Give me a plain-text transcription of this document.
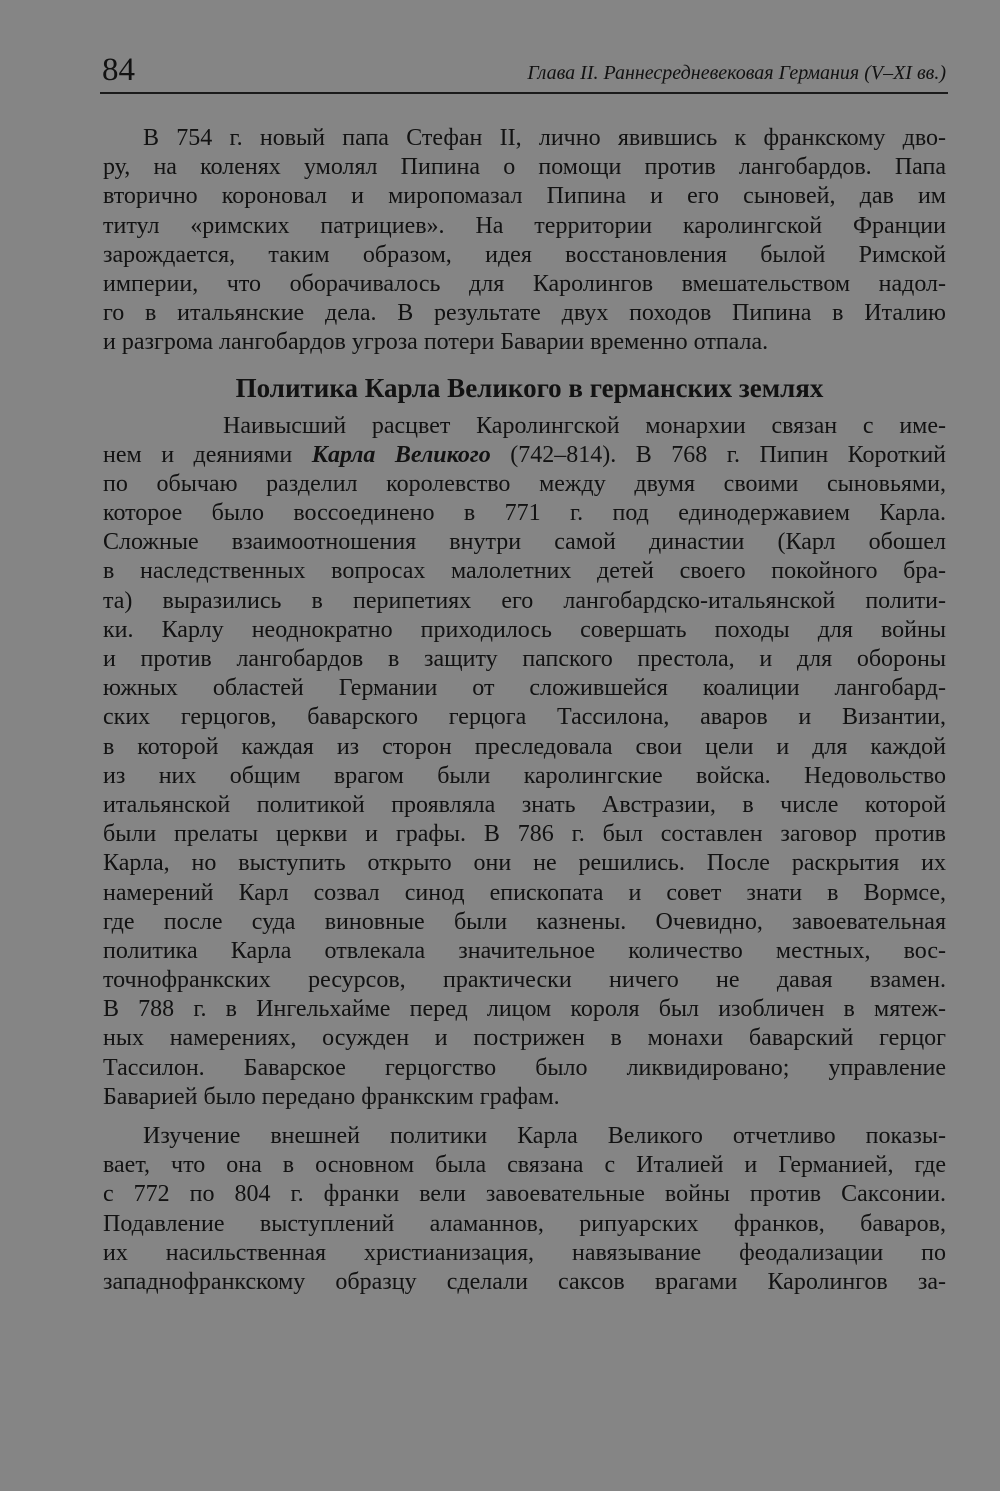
84	Глава II. Раннесредневековая Германия (V–XI вв.)
В 754 г. новый папа Стефан II, лично явившись к франкскому дво-
ру, на коленях умолял Пипина о помощи против лангобардов. Папа
вторично короновал и миропомазал Пипина и его сыновей, дав им
титул «римских патрициев». На территории каролингской Франции
зарождается, таким образом, идея восстановления былой Римской
империи, что оборачивалось для Каролингов вмешательством надол-
го в итальянские дела. В результате двух походов Пипина в Италию
и разгрома лангобардов угроза потери Баварии временно отпала.
Политика Карла Великого в германских землях
Наивысший расцвет Каролингской монархии связан с име-
нем и деяниями Карла Великого (742–814). В 768 г. Пипин Короткий
по обычаю разделил королевство между двумя своими сыновьями,
которое было воссоединено в 771 г. под единодержавием Карла.
Сложные взаимоотношения внутри самой династии (Карл обошел
в наследственных вопросах малолетних детей своего покойного бра-
та) выразились в перипетиях его лангобардско-итальянской полити-
ки. Карлу неоднократно приходилось совершать походы для войны
и против лангобардов в защиту папского престола, и для обороны
южных областей Германии от сложившейся коалиции лангобард-
ских герцогов, баварского герцога Тассилона, аваров и Византии,
в которой каждая из сторон преследовала свои цели и для каждой
из них общим врагом были каролингские войска. Недовольство
итальянской политикой проявляла знать Австразии, в числе которой
были прелаты церкви и графы. В 786 г. был составлен заговор против
Карла, но выступить открыто они не решились. После раскрытия их
намерений Карл созвал синод епископата и совет знати в Вормсе,
где после суда виновные были казнены. Очевидно, завоевательная
политика Карла отвлекала значительное количество местных, вос-
точнофранкских ресурсов, практически ничего не давая взамен.
В 788 г. в Ингельхайме перед лицом короля был изобличен в мятеж-
ных намерениях, осужден и пострижен в монахи баварский герцог
Тассилон. Баварское герцогство было ликвидировано; управление
Баварией было передано франкским графам.
Изучение внешней политики Карла Великого отчетливо показы-
вает, что она в основном была связана с Италией и Германией, где
с 772 по 804 г. франки вели завоевательные войны против Саксонии.
Подавление выступлений аламаннов, рипуарских франков, баваров,
их насильственная христианизация, навязывание феодализации по
западнофранкскому образцу сделали саксов врагами Каролингов за-
